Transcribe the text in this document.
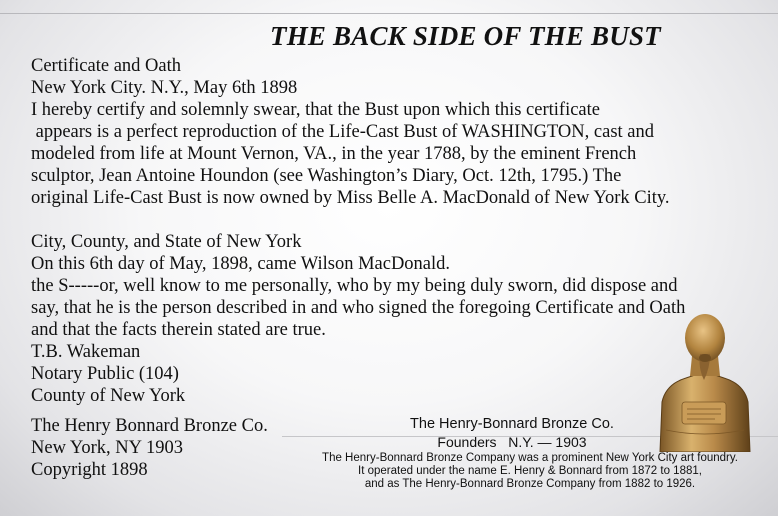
THE BACK SIDE OF THE BUST
Certificate and Oath
New York City. N.Y., May 6th 1898
I hereby certify and solemnly swear, that the Bust upon which this certificate
appears is a perfect reproduction of the Life-Cast Bust of WASHINGTON, cast and
modeled from life at Mount Vernon, VA., in the year 1788, by the eminent French
sculptor, Jean Antoine Houndon (see Washington’s Diary, Oct. 12th, 1795.) The
original Life-Cast Bust is now owned by Miss Belle A. MacDonald of New York City.
City, County, and State of New York
On this 6th day of May, 1898, came Wilson MacDonald.
the S-----or, well know to me personally, who by my being duly sworn, did dispose and
say, that he is the person described in and who signed the foregoing Certificate and Oath
and that the facts therein stated are true.
T.B. Wakeman
Notary Public (104)
County of New York
The Henry Bonnard Bronze Co.
New York, NY 1903
Copyright 1898
The Henry-Bonnard Bronze Co.
Founders   N.Y. — 1903
The Henry-Bonnard Bronze Company was a prominent New York City art foundry.
It operated under the name E. Henry & Bonnard from 1872 to 1881,
and as The Henry-Bonnard Bronze Company from 1882 to 1926.
